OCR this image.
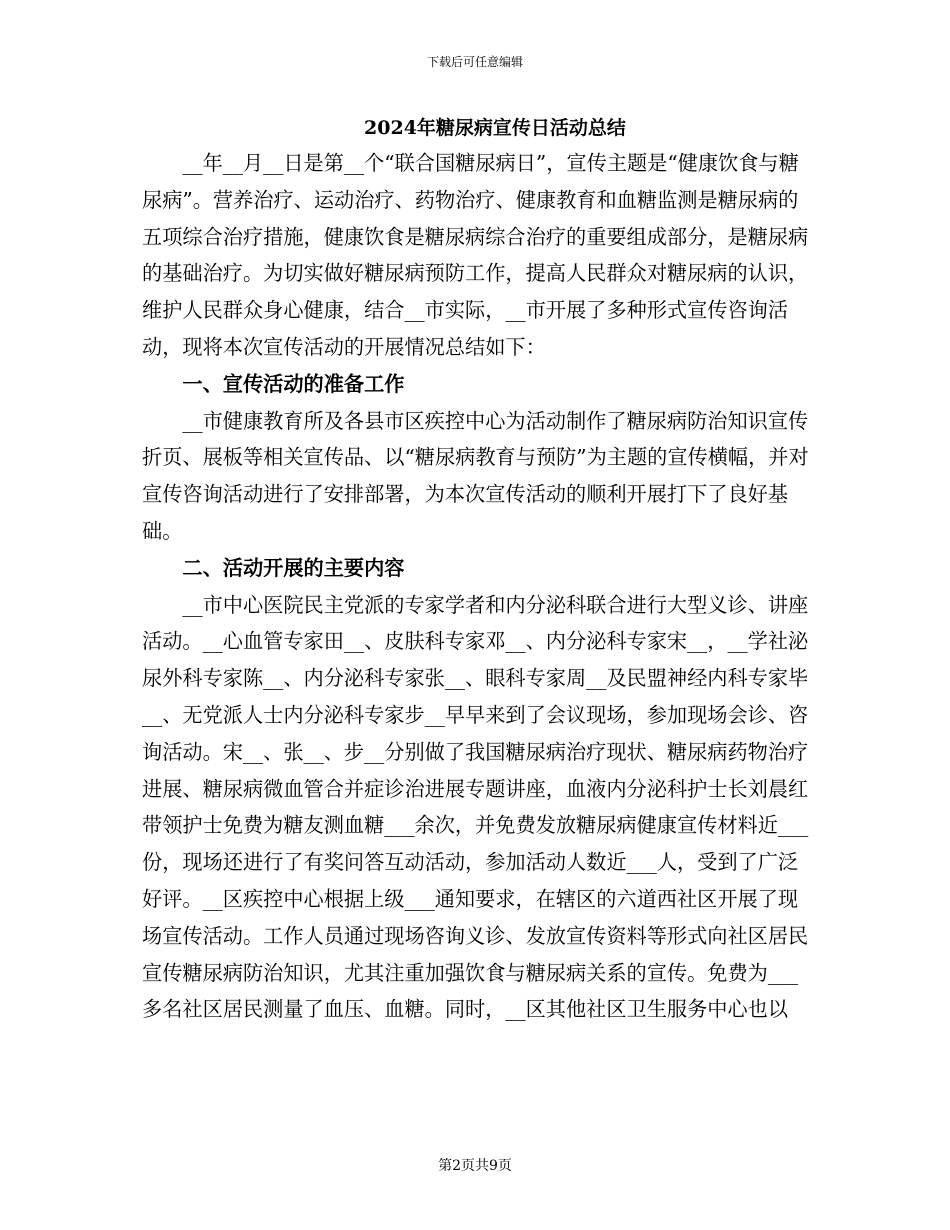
下载后可任意编辑
2024年糖尿病宣传日活动总结

__年__月__日是第__个“联合国糖尿病日”，宣传主题是“健康饮食与糖尿病”。营养治疗、运动治疗、药物治疗、健康教育和血糖监测是糖尿病的五项综合治疗措施，健康饮食是糖尿病综合治疗的重要组成部分，是糖尿病的基础治疗。为切实做好糖尿病预防工作，提高人民群众对糖尿病的认识，维护人民群众身心健康，结合__市实际，__市开展了多种形式宣传咨询活动，现将本次宣传活动的开展情况总结如下：

一、宣传活动的准备工作

__市健康教育所及各县市区疾控中心为活动制作了糖尿病防治知识宣传折页、展板等相关宣传品、以“糖尿病教育与预防”为主题的宣传横幅，并对宣传咨询活动进行了安排部署，为本次宣传活动的顺利开展打下了良好基础。

二、活动开展的主要内容

__市中心医院民主党派的专家学者和内分泌科联合进行大型义诊、讲座活动。__心血管专家田__、皮肤科专家邓__、内分泌科专家宋__，__学社泌尿外科专家陈__、内分泌科专家张__、眼科专家周__及民盟神经内科专家毕__、无党派人士内分泌科专家步__早早来到了会议现场，参加现场会诊、咨询活动。宋__、张__、步__分别做了我国糖尿病治疗现状、糖尿病药物治疗进展、糖尿病微血管合并症诊治进展专题讲座，血液内分泌科护士长刘晨红带领护士免费为糖友测血糖___余次，并免费发放糖尿病健康宣传材料近___份，现场还进行了有奖问答互动活动，参加活动人数近___人，受到了广泛好评。__区疾控中心根据上级___通知要求，在辖区的六道西社区开展了现场宣传活动。工作人员通过现场咨询义诊、发放宣传资料等形式向社区居民宣传糖尿病防治知识，尤其注重加强饮食与糖尿病关系的宣传。免费为___多名社区居民测量了血压、血糖。同时，__区其他社区卫生服务中心也以

第2页共9页
